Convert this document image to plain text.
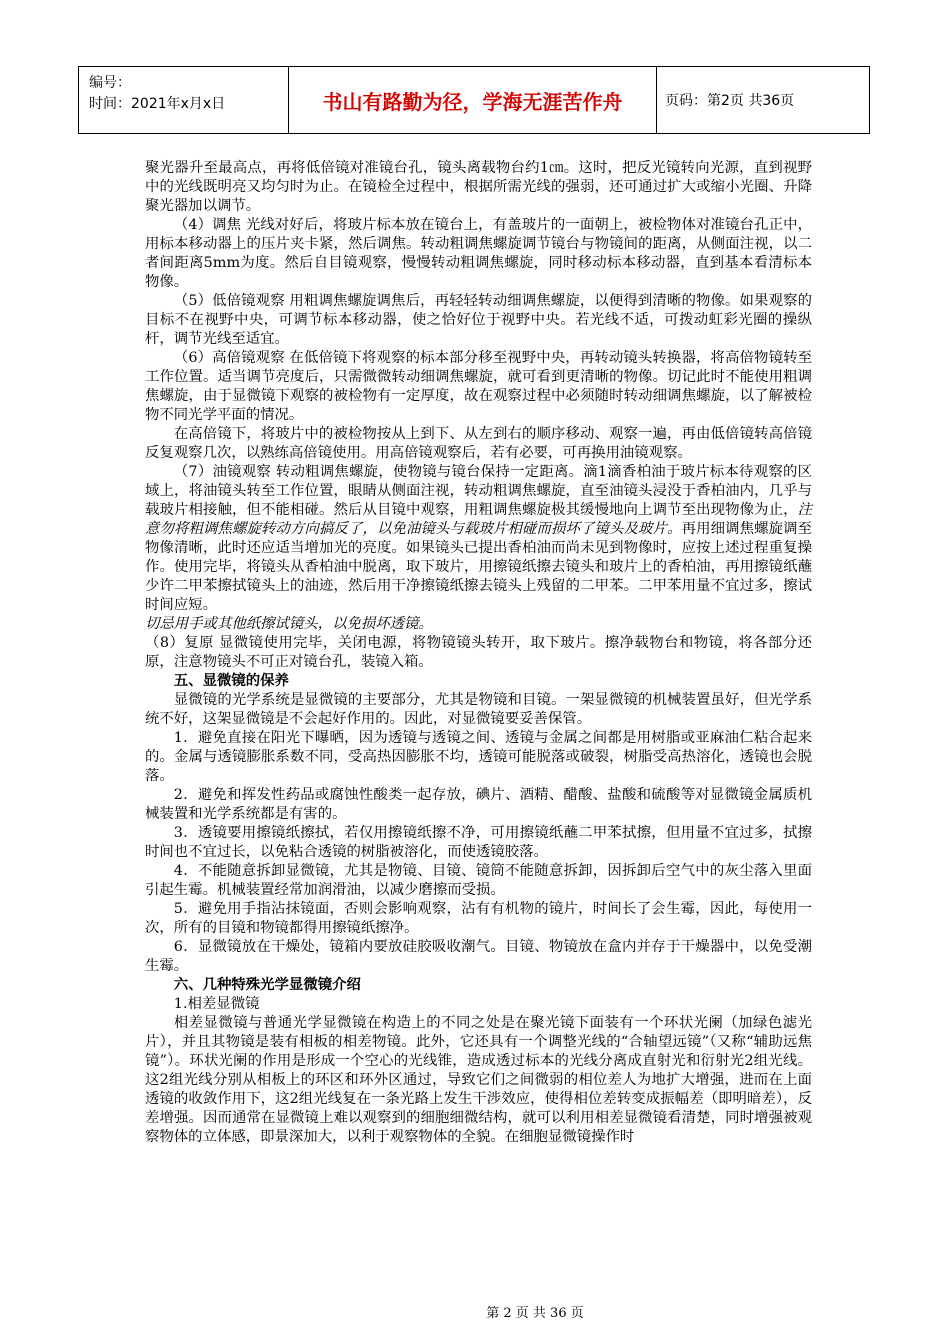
编号：
时间：2021年x月x日	书山有路勤为径，学海无涯苦作舟	页码：第2页 共36页

聚光器升至最高点，再将低倍镜对准镜台孔，镜头离载物台约1㎝。这时，把反光镜转向光源，直到视野中的光线既明亮又均匀时为止。在镜检全过程中，根据所需光线的强弱，还可通过扩大或缩小光圈、升降聚光器加以调节。

（4）调焦 光线对好后，将玻片标本放在镜台上，有盖玻片的一面朝上，被检物体对准镜台孔正中，用标本移动器上的压片夹卡紧，然后调焦。转动粗调焦螺旋调节镜台与物镜间的距离，从侧面注视，以二者间距离5mm为度。然后自目镜观察，慢慢转动粗调焦螺旋，同时移动标本移动器，直到基本看清标本物像。

（5）低倍镜观察 用粗调焦螺旋调焦后，再轻轻转动细调焦螺旋，以便得到清晰的物像。如果观察的目标不在视野中央，可调节标本移动器，使之恰好位于视野中央。若光线不适，可拨动虹彩光圈的操纵杆，调节光线至适宜。

（6）高倍镜观察 在低倍镜下将观察的标本部分移至视野中央，再转动镜头转换器，将高倍物镜转至工作位置。适当调节亮度后，只需微微转动细调焦螺旋，就可看到更清晰的物像。切记此时不能使用粗调焦螺旋，由于显微镜下观察的被检物有一定厚度，故在观察过程中必须随时转动细调焦螺旋，以了解被检物不同光学平面的情况。

在高倍镜下，将玻片中的被检物按从上到下、从左到右的顺序移动、观察一遍，再由低倍镜转高倍镜反复观察几次，以熟练高倍镜使用。用高倍镜观察后，若有必要，可再换用油镜观察。

（7）油镜观察 转动粗调焦螺旋，使物镜与镜台保持一定距离。滴1滴香柏油于玻片标本待观察的区域上，将油镜头转至工作位置，眼睛从侧面注视，转动粗调焦螺旋，直至油镜头浸没于香柏油内，几乎与载玻片相接触，但不能相碰。然后从目镜中观察，用粗调焦螺旋极其缓慢地向上调节至出现物像为止，注意勿将粗调焦螺旋转动方向搞反了，以免油镜头与载玻片相碰而损坏了镜头及玻片。再用细调焦螺旋调至物像清晰，此时还应适当增加光的亮度。如果镜头已提出香柏油而尚未见到物像时，应按上述过程重复操作。使用完毕，将镜头从香柏油中脱离，取下玻片，用擦镜纸擦去镜头和玻片上的香柏油，再用擦镜纸蘸少许二甲苯擦拭镜头上的油迹，然后用干净擦镜纸擦去镜头上残留的二甲苯。二甲苯用量不宜过多，擦试时间应短。

切忌用手或其他纸擦试镜头，以免损坏透镜。

（8）复原 显微镜使用完毕，关闭电源，将物镜镜头转开，取下玻片。擦净载物台和物镜，将各部分还原，注意物镜头不可正对镜台孔，装镜入箱。

五、显微镜的保养

显微镜的光学系统是显微镜的主要部分，尤其是物镜和目镜。一架显微镜的机械装置虽好，但光学系统不好，这架显微镜是不会起好作用的。因此，对显微镜要妥善保管。

1．避免直接在阳光下曝晒，因为透镜与透镜之间、透镜与金属之间都是用树脂或亚麻油仁粘合起来的。金属与透镜膨胀系数不同，受高热因膨胀不均，透镜可能脱落或破裂，树脂受高热溶化，透镜也会脱落。

2．避免和挥发性药品或腐蚀性酸类一起存放，碘片、酒精、醋酸、盐酸和硫酸等对显微镜金属质机械装置和光学系统都是有害的。

3．透镜要用擦镜纸擦拭，若仅用擦镜纸擦不净，可用擦镜纸蘸二甲苯拭擦，但用量不宜过多，拭擦时间也不宜过长，以免粘合透镜的树脂被溶化，而使透镜胶落。

4．不能随意拆卸显微镜，尤其是物镜、目镜、镜筒不能随意拆卸，因拆卸后空气中的灰尘落入里面引起生霉。机械装置经常加润滑油，以减少磨擦而受损。

5．避免用手指沾抹镜面，否则会影响观察，沾有有机物的镜片，时间长了会生霉，因此，每使用一次，所有的目镜和物镜都得用擦镜纸擦净。

6．显微镜放在干燥处，镜箱内要放硅胶吸收潮气。目镜、物镜放在盒内并存于干燥器中，以免受潮生霉。

六、几种特殊光学显微镜介绍

1.相差显微镜

相差显微镜与普通光学显微镜在构造上的不同之处是在聚光镜下面装有一个环状光阑（加绿色滤光片），并且其物镜是装有相板的相差物镜。此外，它还具有一个调整光线的“合轴望远镜”（又称“辅助远焦镜”）。环状光阑的作用是形成一个空心的光线锥，造成透过标本的光线分离成直射光和衍射光2组光线。这2组光线分别从相板上的环区和环外区通过，导致它们之间微弱的相位差人为地扩大增强，进而在上面透镜的收敛作用下，这2组光线复在一条光路上发生干涉效应，使得相位差转变成振幅差（即明暗差），反差增强。因而通常在显微镜上难以观察到的细胞细微结构，就可以利用相差显微镜看清楚，同时增强被观察物体的立体感，即景深加大，以利于观察物体的全貌。在细胞显微镜操作时

第 2 页 共 36 页
